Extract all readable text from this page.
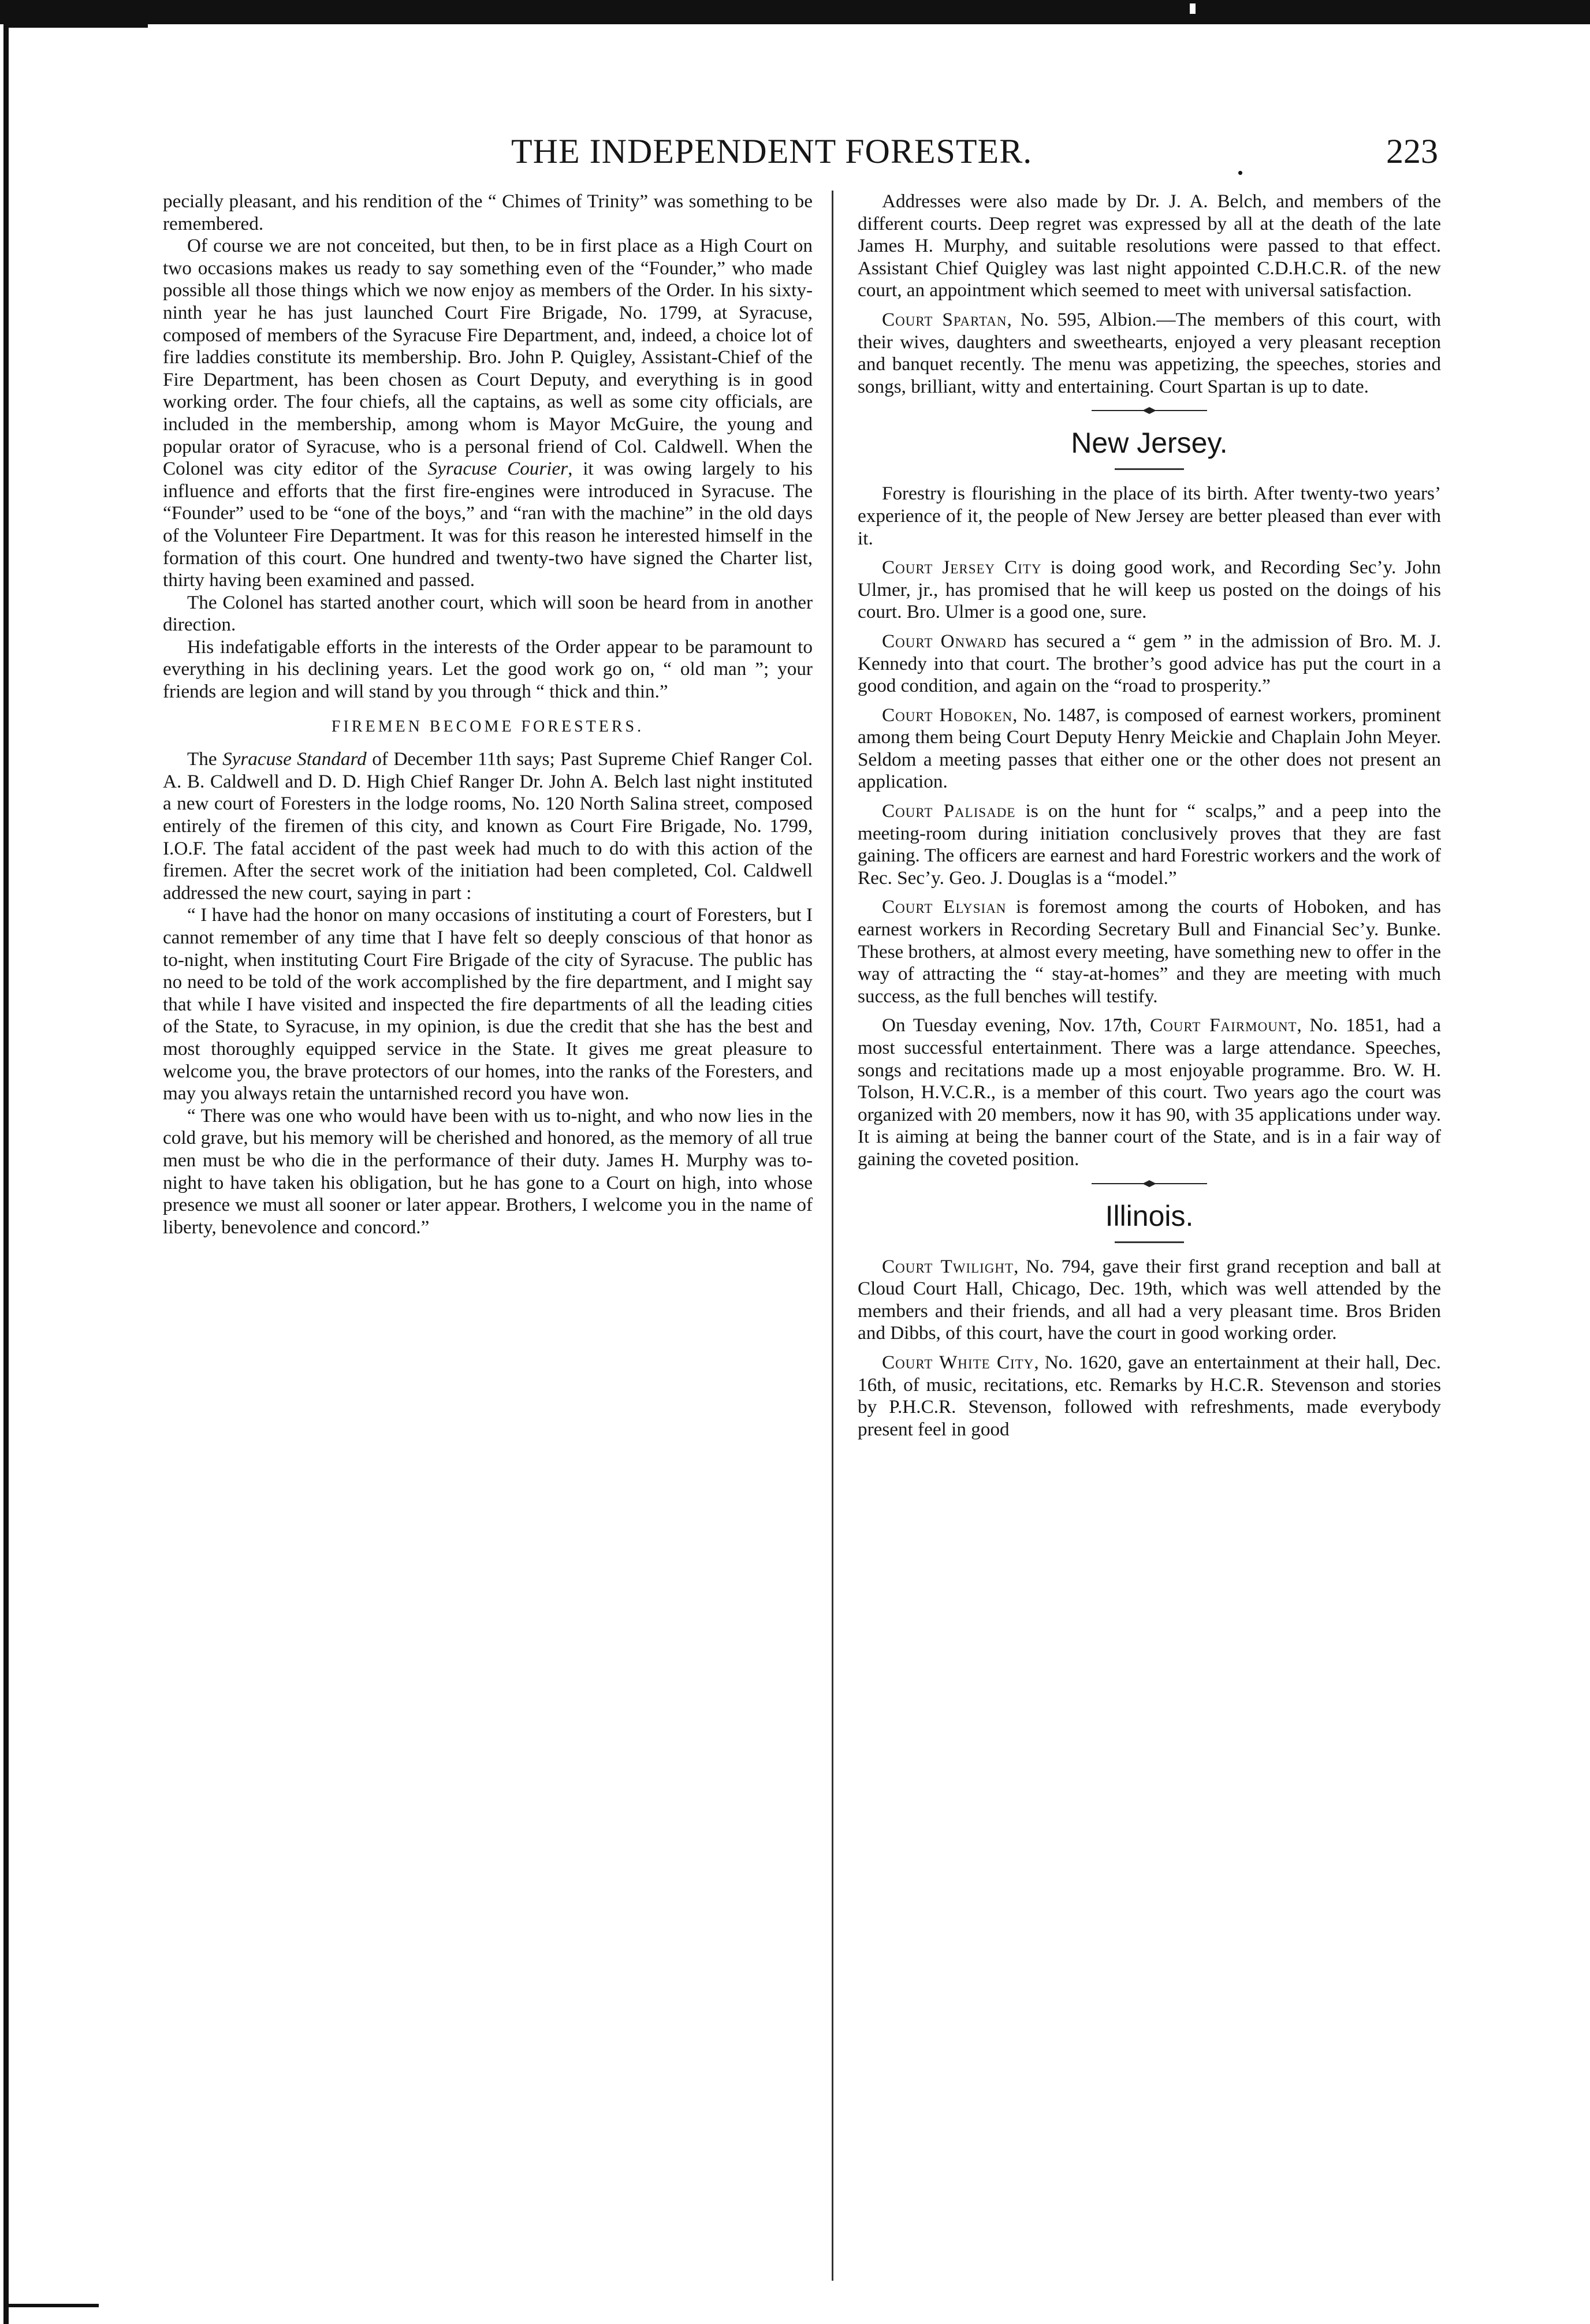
THE INDEPENDENT FORESTER.	.	223

pecially pleasant, and his rendition of the “ Chimes of Trinity” was something to be remembered.

Of course we are not conceited, but then, to be in first place as a High Court on two occasions makes us ready to say something even of the “Founder,” who made possible all those things which we now enjoy as members of the Order. In his sixty-ninth year he has just launched Court Fire Brigade, No. 1799, at Syracuse, composed of members of the Syracuse Fire Department, and, indeed, a choice lot of fire laddies constitute its membership. Bro. John P. Quigley, Assistant-Chief of the Fire Department, has been chosen as Court Deputy, and everything is in good working order. The four chiefs, all the captains, as well as some city officials, are included in the membership, among whom is Mayor McGuire, the young and popular orator of Syracuse, who is a personal friend of Col. Caldwell. When the Colonel was city editor of the Syracuse Courier, it was owing largely to his influence and efforts that the first fire-engines were introduced in Syracuse. The “Founder” used to be “one of the boys,” and “ran with the machine” in the old days of the Volunteer Fire Department. It was for this reason he interested himself in the formation of this court. One hundred and twenty-two have signed the Charter list, thirty having been examined and passed.

The Colonel has started another court, which will soon be heard from in another direction.

His indefatigable efforts in the interests of the Order appear to be paramount to everything in his declining years. Let the good work go on, “ old man ”; your friends are legion and will stand by you through “ thick and thin.”

FIREMEN BECOME FORESTERS.

The Syracuse Standard of December 11th says; Past Supreme Chief Ranger Col. A. B. Caldwell and D. D. High Chief Ranger Dr. John A. Belch last night instituted a new court of Foresters in the lodge rooms, No. 120 North Salina street, composed entirely of the firemen of this city, and known as Court Fire Brigade, No. 1799, I.O.F. The fatal accident of the past week had much to do with this action of the firemen. After the secret work of the initiation had been completed, Col. Caldwell addressed the new court, saying in part :

“ I have had the honor on many occasions of instituting a court of Foresters, but I cannot remember of any time that I have felt so deeply conscious of that honor as to-night, when instituting Court Fire Brigade of the city of Syracuse. The public has no need to be told of the work accomplished by the fire department, and I might say that while I have visited and inspected the fire departments of all the leading cities of the State, to Syracuse, in my opinion, is due the credit that she has the best and most thoroughly equipped service in the State. It gives me great pleasure to welcome you, the brave protectors of our homes, into the ranks of the Foresters, and may you always retain the untarnished record you have won.

“ There was one who would have been with us to-night, and who now lies in the cold grave, but his memory will be cherished and honored, as the memory of all true men must be who die in the performance of their duty. James H. Murphy was to-night to have taken his obligation, but he has gone to a Court on high, into whose presence we must all sooner or later appear. Brothers, I welcome you in the name of liberty, benevolence and concord.”

Addresses were also made by Dr. J. A. Belch, and members of the different courts. Deep regret was expressed by all at the death of the late James H. Murphy, and suitable resolutions were passed to that effect. Assistant Chief Quigley was last night appointed C.D.H.C.R. of the new court, an appointment which seemed to meet with universal satisfaction.

Court Spartan, No. 595, Albion.—The members of this court, with their wives, daughters and sweethearts, enjoyed a very pleasant reception and banquet recently. The menu was appetizing, the speeches, stories and songs, brilliant, witty and entertaining. Court Spartan is up to date.

New Jersey.

Forestry is flourishing in the place of its birth. After twenty-two years’ experience of it, the people of New Jersey are better pleased than ever with it.

Court Jersey City is doing good work, and Recording Sec’y. John Ulmer, jr., has promised that he will keep us posted on the doings of his court. Bro. Ulmer is a good one, sure.

Court Onward has secured a “ gem ” in the admission of Bro. M. J. Kennedy into that court. The brother’s good advice has put the court in a good condition, and again on the “road to prosperity.”

Court Hoboken, No. 1487, is composed of earnest workers, prominent among them being Court Deputy Henry Meickie and Chaplain John Meyer. Seldom a meeting passes that either one or the other does not present an application.

Court Palisade is on the hunt for “ scalps,” and a peep into the meeting-room during initiation conclusively proves that they are fast gaining. The officers are earnest and hard Forestric workers and the work of Rec. Sec’y. Geo. J. Douglas is a “model.”

Court Elysian is foremost among the courts of Hoboken, and has earnest workers in Recording Secretary Bull and Financial Sec’y. Bunke. These brothers, at almost every meeting, have something new to offer in the way of attracting the “ stay-at-homes” and they are meeting with much success, as the full benches will testify.

On Tuesday evening, Nov. 17th, Court Fairmount, No. 1851, had a most successful entertainment. There was a large attendance. Speeches, songs and recitations made up a most enjoyable programme. Bro. W. H. Tolson, H.V.C.R., is a member of this court. Two years ago the court was organized with 20 members, now it has 90, with 35 applications under way. It is aiming at being the banner court of the State, and is in a fair way of gaining the coveted position.

Illinois.

Court Twilight, No. 794, gave their first grand reception and ball at Cloud Court Hall, Chicago, Dec. 19th, which was well attended by the members and their friends, and all had a very pleasant time. Bros Briden and Dibbs, of this court, have the court in good working order.

Court White City, No. 1620, gave an entertainment at their hall, Dec. 16th, of music, recitations, etc. Remarks by H.C.R. Stevenson and stories by P.H.C.R. Stevenson, followed with refreshments, made everybody present feel in good
